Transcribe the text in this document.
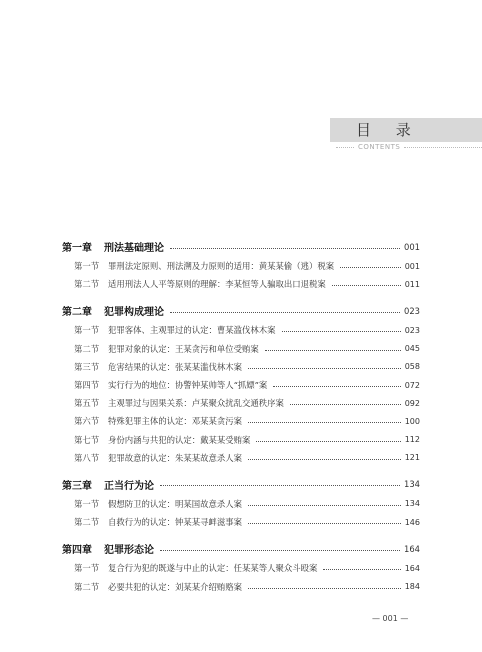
目 录
CONTENTS
第一章 刑法基础理论	001
第一节	罪刑法定原则、刑法溯及力原则的适用：黄某某偷（逃）税案	001
第二节	适用刑法人人平等原则的理解：李某恒等人骗取出口退税案	011
第二章 犯罪构成理论	023
第一节	犯罪客体、主观罪过的认定：曹某滥伐林木案	023
第二节	犯罪对象的认定：王某贪污和单位受贿案	045
第三节	危害结果的认定：张某某滥伐林木案	058
第四节	实行行为的地位：协警钟某帅等人“抓嫖”案	072
第五节	主观罪过与因果关系：卢某聚众扰乱交通秩序案	092
第六节	特殊犯罪主体的认定：邓某某贪污案	100
第七节	身份内涵与共犯的认定：戴某某受贿案	112
第八节	犯罪故意的认定：朱某某故意杀人案	121
第三章 正当行为论	134
第一节	假想防卫的认定：明某国故意杀人案	134
第二节	自救行为的认定：钟某某寻衅滋事案	146
第四章 犯罪形态论	164
第一节	复合行为犯的既遂与中止的认定：任某某等人聚众斗殴案	164
第二节	必要共犯的认定：刘某某介绍贿赂案	184
— 001 —
